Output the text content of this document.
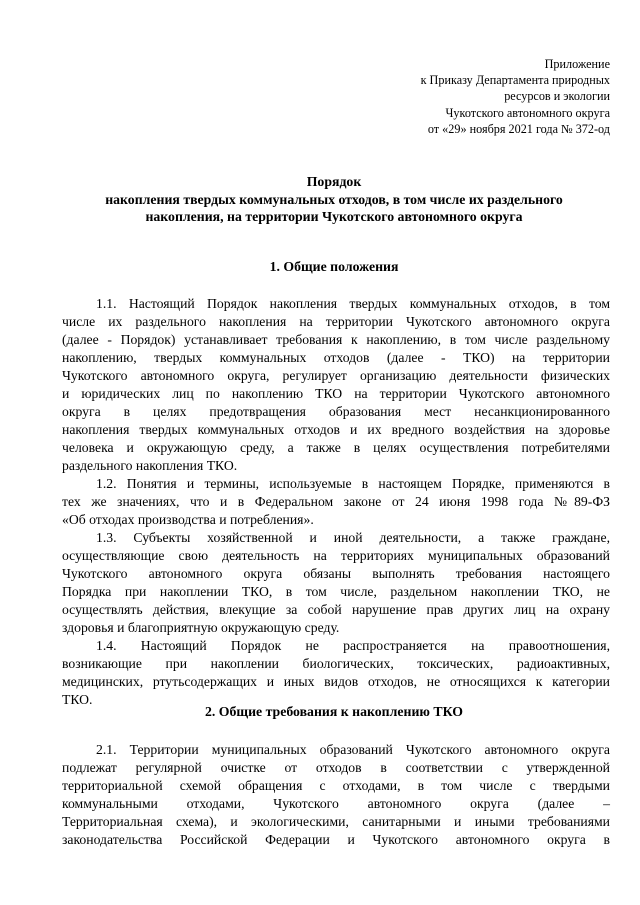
Приложение
к Приказу Департамента природных
ресурсов и экологии
Чукотского автономного округа
от «29» ноября 2021 года № 372-од
Порядок
накопления твердых коммунальных отходов, в том числе их раздельного
накопления, на территории Чукотского автономного округа
1. Общие положения
1.1. Настоящий Порядок накопления твердых коммунальных отходов, в том
числе их раздельного накопления на территории Чукотского автономного округа
(далее - Порядок) устанавливает требования к накоплению, в том числе раздельному
накоплению, твердых коммунальных отходов (далее - ТКО) на территории
Чукотского автономного округа, регулирует организацию деятельности физических
и юридических лиц по накоплению ТКО на территории Чукотского автономного
округа в целях предотвращения образования мест несанкционированного
накопления твердых коммунальных отходов и их вредного воздействия на здоровье
человека и окружающую среду, а также в целях осуществления потребителями
раздельного накопления ТКО.
1.2. Понятия и термины, используемые в настоящем Порядке, применяются в
тех же значениях, что и в Федеральном законе от 24 июня 1998 года №89-ФЗ
«Об отходах производства и потребления».
1.3. Субъекты хозяйственной и иной деятельности, а также граждане,
осуществляющие свою деятельность на территориях муниципальных образований
Чукотского автономного округа обязаны выполнять требования настоящего
Порядка при накоплении ТКО, в том числе, раздельном накоплении ТКО, не
осуществлять действия, влекущие за собой нарушение прав других лиц на охрану
здоровья и благоприятную окружающую среду.
1.4. Настоящий Порядок не распространяется на правоотношения,
возникающие при накоплении биологических, токсических, радиоактивных,
медицинских, ртутьсодержащих и иных видов отходов, не относящихся к категории
ТКО.
2. Общие требования к накоплению ТКО
2.1. Территории муниципальных образований Чукотского автономного округа
подлежат регулярной очистке от отходов в соответствии с утвержденной
территориальной схемой обращения с отходами, в том числе с твердыми
коммунальными отходами, Чукотского автономного округа (далее –
Территориальная схема), и экологическими, санитарными и иными требованиями
законодательства Российской Федерации и Чукотского автономного округа в
